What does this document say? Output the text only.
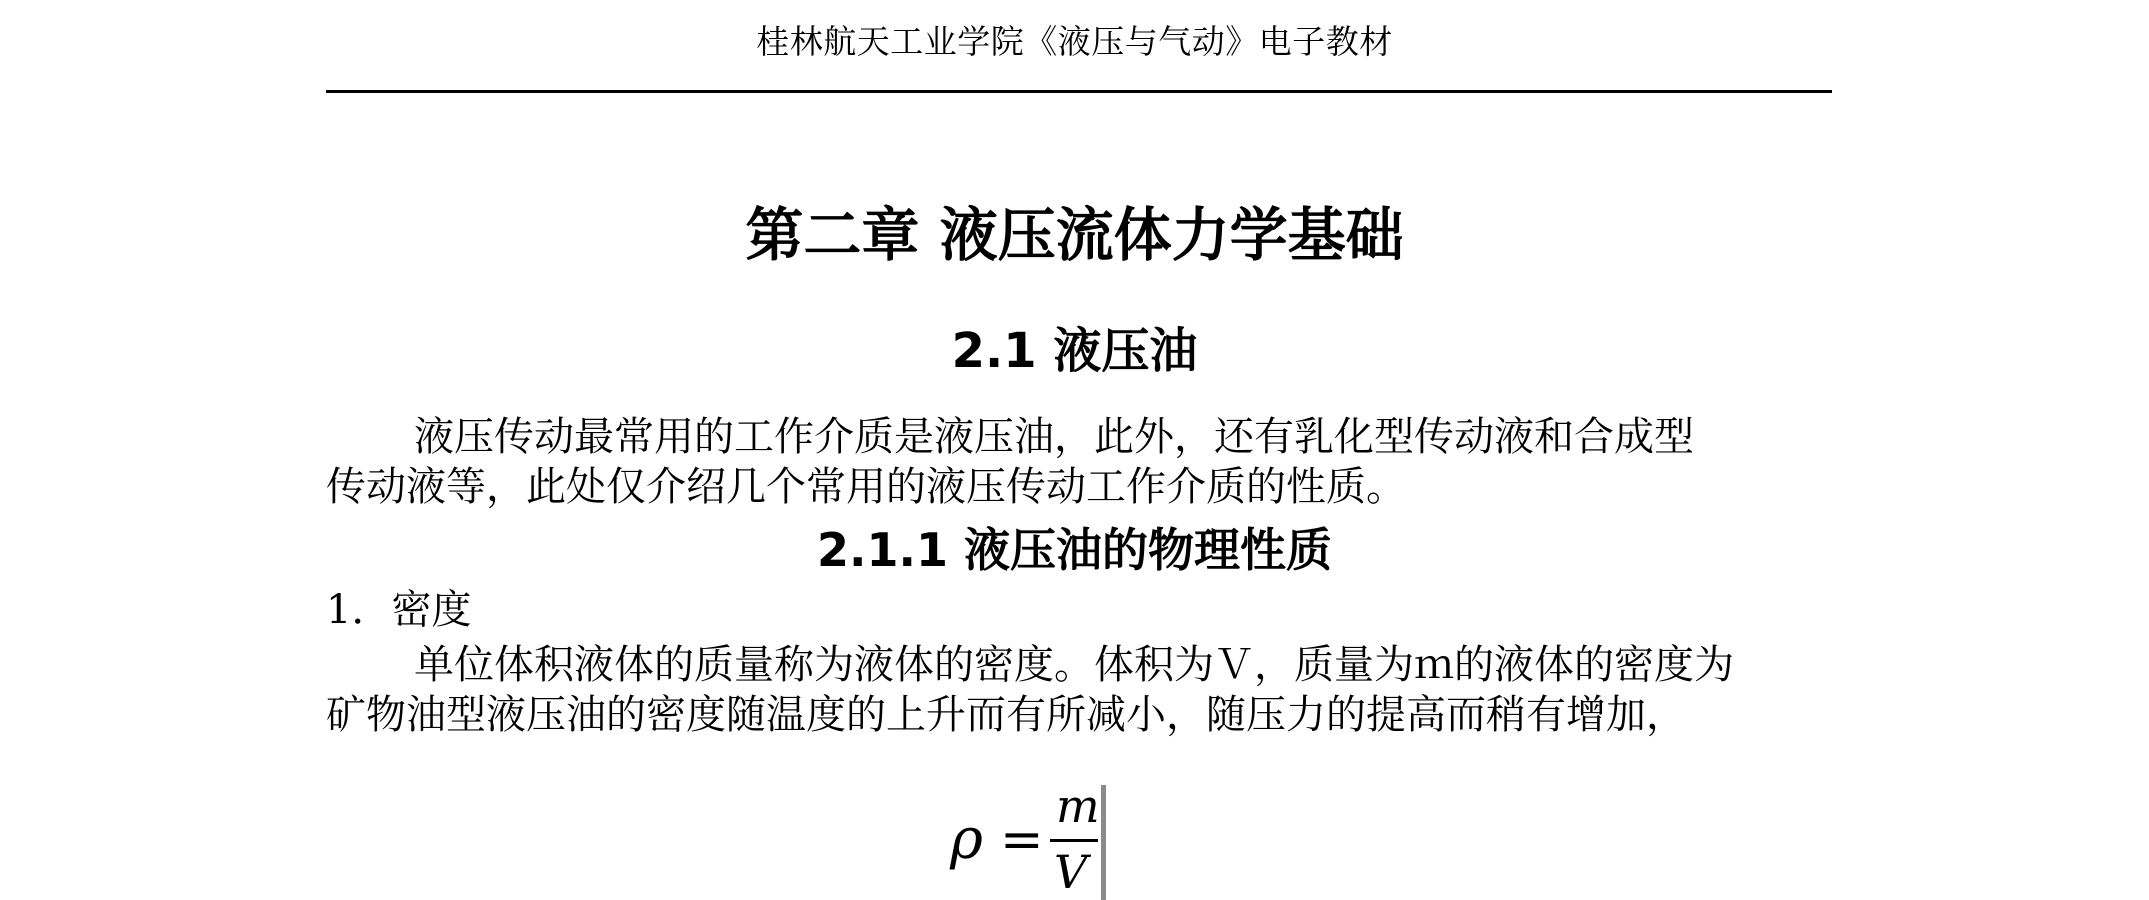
桂林航天工业学院《液压与气动》电子教材
第二章 液压流体力学基础
2.1 液压油
液压传动最常用的工作介质是液压油，此外，还有乳化型传动液和合成型
传动液等，此处仅介绍几个常用的液压传动工作介质的性质。
2.1.1 液压油的物理性质
1．密度
单位体积液体的质量称为液体的密度。体积为Ｖ，质量为ｍ的液体的密度为
矿物油型液压油的密度随温度的上升而有所减小，随压力的提高而稍有增加，
ρ =
m
V
